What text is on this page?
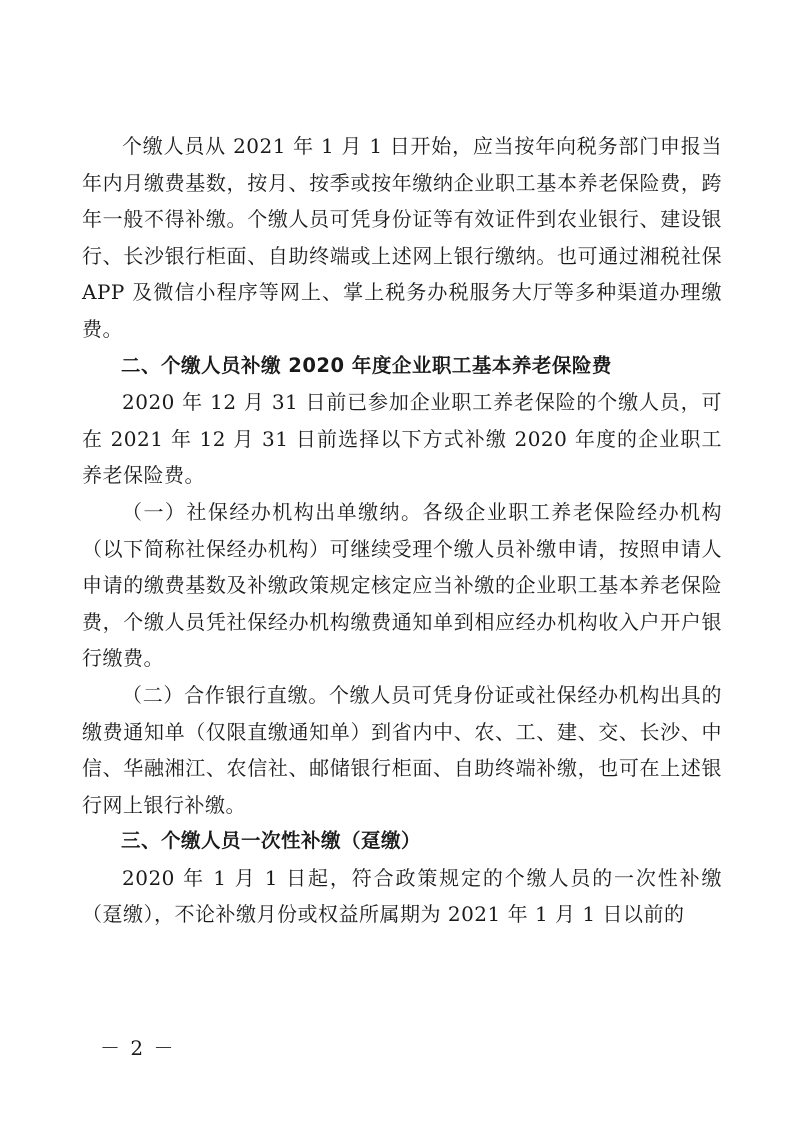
个缴人员从 2021 年 1 月 1 日开始，应当按年向税务部门申报当年内月缴费基数，按月、按季或按年缴纳企业职工基本养老保险费，跨年一般不得补缴。个缴人员可凭身份证等有效证件到农业银行、建设银行、长沙银行柜面、自助终端或上述网上银行缴纳。也可通过湘税社保 APP 及微信小程序等网上、掌上税务办税服务大厅等多种渠道办理缴费。

二、个缴人员补缴 2020 年度企业职工基本养老保险费

2020 年 12 月 31 日前已参加企业职工养老保险的个缴人员，可在 2021 年 12 月 31 日前选择以下方式补缴 2020 年度的企业职工养老保险费。

（一）社保经办机构出单缴纳。各级企业职工养老保险经办机构（以下简称社保经办机构）可继续受理个缴人员补缴申请，按照申请人申请的缴费基数及补缴政策规定核定应当补缴的企业职工基本养老保险费，个缴人员凭社保经办机构缴费通知单到相应经办机构收入户开户银行缴费。

（二）合作银行直缴。个缴人员可凭身份证或社保经办机构出具的缴费通知单（仅限直缴通知单）到省内中、农、工、建、交、长沙、中信、华融湘江、农信社、邮储银行柜面、自助终端补缴，也可在上述银行网上银行补缴。

三、个缴人员一次性补缴（趸缴）

2020 年 1 月 1 日起，符合政策规定的个缴人员的一次性补缴（趸缴），不论补缴月份或权益所属期为 2021 年 1 月 1 日以前的

－ 2 －
